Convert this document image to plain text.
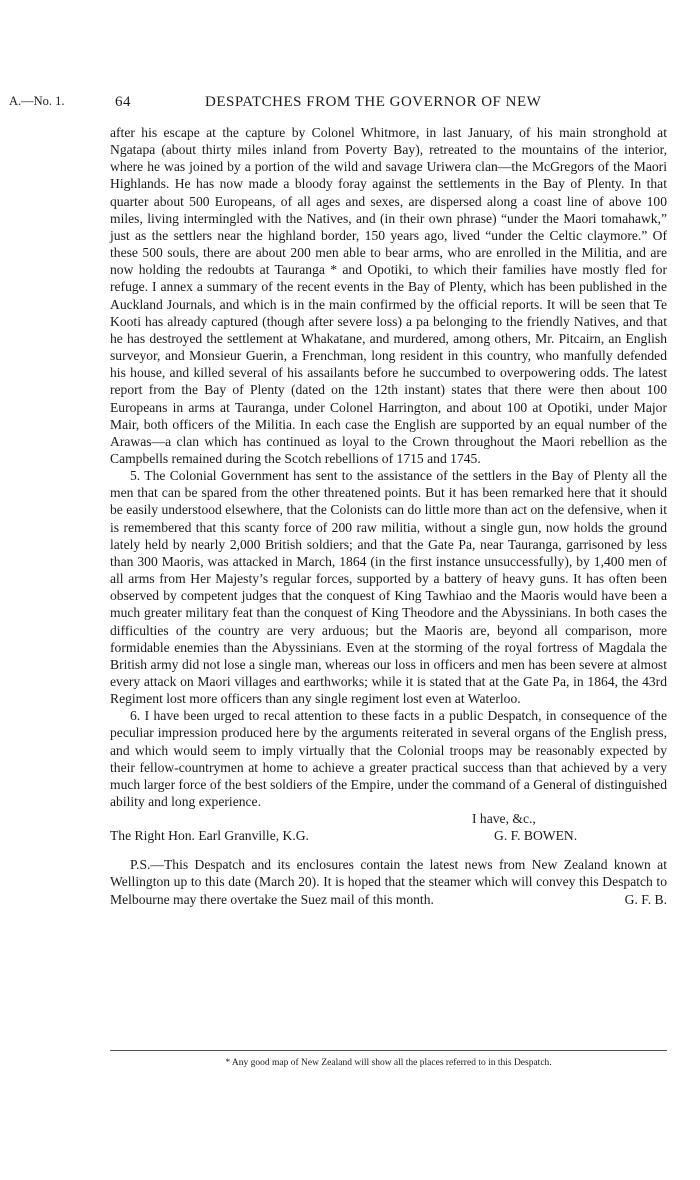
A.—No. 1.	64	DESPATCHES FROM THE GOVERNOR OF NEW

after his escape at the capture by Colonel Whitmore, in last January, of his main stronghold at Ngatapa (about thirty miles inland from Poverty Bay), retreated to the mountains of the interior, where he was joined by a portion of the wild and savage Uriwera clan—the McGregors of the Maori Highlands. He has now made a bloody foray against the settlements in the Bay of Plenty. In that quarter about 500 Europeans, of all ages and sexes, are dispersed along a coast line of above 100 miles, living intermingled with the Natives, and (in their own phrase) “under the Maori tomahawk,” just as the settlers near the highland border, 150 years ago, lived “under the Celtic claymore.” Of these 500 souls, there are about 200 men able to bear arms, who are enrolled in the Militia, and are now holding the redoubts at Tauranga * and Opotiki, to which their families have mostly fled for refuge. I annex a summary of the recent events in the Bay of Plenty, which has been published in the Auckland Journals, and which is in the main confirmed by the official reports. It will be seen that Te Kooti has already captured (though after severe loss) a pa belonging to the friendly Natives, and that he has destroyed the settlement at Whakatane, and murdered, among others, Mr. Pitcairn, an English surveyor, and Monsieur Guerin, a Frenchman, long resident in this country, who manfully defended his house, and killed several of his assailants before he succumbed to overpowering odds. The latest report from the Bay of Plenty (dated on the 12th instant) states that there were then about 100 Europeans in arms at Tauranga, under Colonel Harrington, and about 100 at Opotiki, under Major Mair, both officers of the Militia. In each case the English are supported by an equal number of the Arawas—a clan which has continued as loyal to the Crown throughout the Maori rebellion as the Campbells remained during the Scotch rebellions of 1715 and 1745.

5. The Colonial Government has sent to the assistance of the settlers in the Bay of Plenty all the men that can be spared from the other threatened points. But it has been remarked here that it should be easily understood elsewhere, that the Colonists can do little more than act on the defensive, when it is remembered that this scanty force of 200 raw militia, without a single gun, now holds the ground lately held by nearly 2,000 British soldiers; and that the Gate Pa, near Tauranga, garrisoned by less than 300 Maoris, was attacked in March, 1864 (in the first instance unsuccessfully), by 1,400 men of all arms from Her Majesty’s regular forces, supported by a battery of heavy guns. It has often been observed by competent judges that the conquest of King Tawhiao and the Maoris would have been a much greater military feat than the conquest of King Theodore and the Abyssinians. In both cases the difficulties of the country are very arduous; but the Maoris are, beyond all comparison, more formidable enemies than the Abyssinians. Even at the storming of the royal fortress of Magdala the British army did not lose a single man, whereas our loss in officers and men has been severe at almost every attack on Maori villages and earthworks; while it is stated that at the Gate Pa, in 1864, the 43rd Regiment lost more officers than any single regiment lost even at Waterloo.

6. I have been urged to recal attention to these facts in a public Despatch, in consequence of the peculiar impression produced here by the arguments reiterated in several organs of the English press, and which would seem to imply virtually that the Colonial troops may be reasonably expected by their fellow-countrymen at home to achieve a greater practical success than that achieved by a very much larger force of the best soldiers of the Empire, under the command of a General of distinguished ability and long experience.

I have, &c.,
The Right Hon. Earl Granville, K.G.	G. F. BOWEN.

P.S.—This Despatch and its enclosures contain the latest news from New Zealand known at Wellington up to this date (March 20). It is hoped that the steamer which will convey this Despatch to Melbourne may there overtake the Suez mail of this month.	G. F. B.

* Any good map of New Zealand will show all the places referred to in this Despatch.
